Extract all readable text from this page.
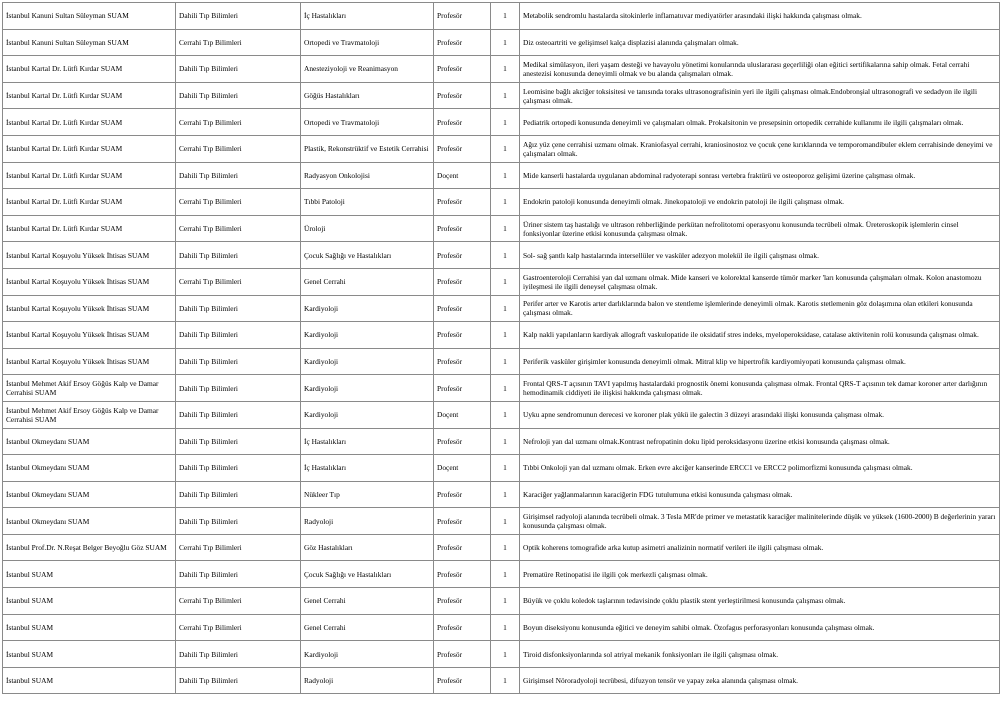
İstanbul Kanuni Sultan Süleyman SUAM	Dahili Tıp Bilimleri	İç Hastalıkları	Profesör	1	Metabolik sendromlu hastalarda sitokinlerle inflamatuvar mediyatörler arasındaki ilişki hakkında çalışması olmak.
İstanbul Kanuni Sultan Süleyman SUAM	Cerrahi Tıp Bilimleri	Ortopedi ve Travmatoloji	Profesör	1	Diz osteoartriti ve gelişimsel kalça displazisi alanında çalışmaları olmak.
İstanbul Kartal Dr. Lütfi Kırdar SUAM	Dahili Tıp Bilimleri	Anesteziyoloji ve Reanimasyon	Profesör	1	Medikal simülasyon, ileri yaşam desteği ve havayolu yönetimi konularında uluslararası geçerliliği olan eğitici sertifikalarına sahip olmak. Fetal cerrahi anestezisi konusunda deneyimli olmak ve bu alanda çalışmaları olmak.
İstanbul Kartal Dr. Lütfi Kırdar SUAM	Dahili Tıp Bilimleri	Göğüs Hastalıkları	Profesör	1	Leomisine bağlı akciğer toksisitesi ve tanısında toraks ultrasonografisinin yeri ile ilgili çalışması olmak.Endobronşial ultrasonografi ve sedadyon ile ilgili çalışması olmak.
İstanbul Kartal Dr. Lütfi Kırdar SUAM	Cerrahi Tıp Bilimleri	Ortopedi ve Travmatoloji	Profesör	1	Pediatrik ortopedi konusunda deneyimli ve çalışmaları olmak. Prokalsitonin ve presepsinin ortopedik cerrahide kullanımı ile ilgili çalışmaları olmak.
İstanbul Kartal Dr. Lütfi Kırdar SUAM	Cerrahi Tıp Bilimleri	Plastik, Rekonstrüktif ve Estetik Cerrahisi	Profesör	1	Ağız yüz çene cerrahisi uzmanı olmak. Kraniofasyal cerrahi, kraniosinostoz ve çocuk çene kırıklarında ve temporomandibuler eklem cerrahisinde deneyimi ve çalışmaları olmak.
İstanbul Kartal Dr. Lütfi Kırdar SUAM	Dahili Tıp Bilimleri	Radyasyon Onkolojisi	Doçent	1	Mide kanserli hastalarda uygulanan abdominal radyoterapi sonrası vertebra fraktürü ve osteoporoz gelişimi üzerine çalışması olmak.
İstanbul Kartal Dr. Lütfi Kırdar SUAM	Cerrahi Tıp Bilimleri	Tıbbi Patoloji	Profesör	1	Endokrin patoloji konusunda deneyimli olmak. Jinekopatoloji ve endokrin patoloji ile ilgili çalışması olmak.
İstanbul Kartal Dr. Lütfi Kırdar SUAM	Cerrahi Tıp Bilimleri	Üroloji	Profesör	1	Üriner sistem taş hastalığı ve ultrason rehberliğinde perkütan nefrolitotomi operasyonu konusunda tecrübeli olmak. Üreteroskopik işlemlerin cinsel fonksiyonlar üzerine etkisi konusunda çalışması olmak.
İstanbul Kartal Koşuyolu Yüksek İhtisas SUAM	Dahili Tıp Bilimleri	Çocuk Sağlığı ve Hastalıkları	Profesör	1	Sol- sağ şantlı kalp hastalarında intersellüler ve vasküler adezyon molekül ile ilgili çalışması olmak.
İstanbul Kartal Koşuyolu Yüksek İhtisas SUAM	Cerrahi Tıp Bilimleri	Genel Cerrahi	Profesör	1	Gastroenteroloji Cerrahisi yan dal uzmanı olmak. Mide kanseri ve kolorektal kanserde tümör marker 'ları konusunda çalışmaları olmak. Kolon anastomozu iyileşmesi ile ilgili deneysel çalışması olmak.
İstanbul Kartal Koşuyolu Yüksek İhtisas SUAM	Dahili Tıp Bilimleri	Kardiyoloji	Profesör	1	Perifer arter ve Karotis arter darlıklarında balon ve stentleme işlemlerinde deneyimli olmak. Karotis stetlemenin göz dolaşımına olan etkileri konusunda çalışması olmak.
İstanbul Kartal Koşuyolu Yüksek İhtisas SUAM	Dahili Tıp Bilimleri	Kardiyoloji	Profesör	1	Kalp nakli yapılanların kardiyak allograft vaskulopatide ile oksidatif stres indeks, myeloperoksidase, catalase aktivitenin rolü konusunda çalışması olmak.
İstanbul Kartal Koşuyolu Yüksek İhtisas SUAM	Dahili Tıp Bilimleri	Kardiyoloji	Profesör	1	Periferik vasküler girişimler konusunda deneyimli olmak. Mitral klip ve hipertrofik kardiyomiyopati konusunda çalışması olmak.
İstanbul Mehmet Akif Ersoy Göğüs Kalp ve Damar Cerrahisi SUAM	Dahili Tıp Bilimleri	Kardiyoloji	Profesör	1	Frontal QRS-T açısının TAVI yapılmış hastalardaki prognostik önemi konusunda çalışması olmak. Frontal QRS-T açısının tek damar koroner arter darlığının hemodinamik ciddiyeti ile ilişkisi hakkında çalışması olmak.
İstanbul Mehmet Akif Ersoy Göğüs Kalp ve Damar Cerrahisi SUAM	Dahili Tıp Bilimleri	Kardiyoloji	Doçent	1	Uyku apne sendromunun derecesi ve koroner plak yükü ile galectin 3 düzeyi arasındaki ilişki konusunda çalışması olmak.
İstanbul Okmeydanı SUAM	Dahili Tıp Bilimleri	İç Hastalıkları	Profesör	1	Nefroloji yan dal uzmanı olmak.Kontrast nefropatinin doku lipid peroksidasyonu üzerine etkisi konusunda çalışması olmak.
İstanbul Okmeydanı SUAM	Dahili Tıp Bilimleri	İç Hastalıkları	Doçent	1	Tıbbi Onkoloji yan dal uzmanı olmak. Erken evre akciğer kanserinde ERCC1 ve ERCC2 polimorfizmi konusunda çalışması olmak.
İstanbul Okmeydanı SUAM	Dahili Tıp Bilimleri	Nükleer Tıp	Profesör	1	Karaciğer yağlanmalarının karaciğerin FDG tutulumuna etkisi konusunda çalışması olmak.
İstanbul Okmeydanı SUAM	Dahili Tıp Bilimleri	Radyoloji	Profesör	1	Girişimsel radyoloji alanında tecrübeli olmak. 3 Tesla MR'de primer ve metastatik karaciğer malinitelerinde düşük ve yüksek (1600-2000) B değerlerinin yararı konusunda çalışması olmak.
İstanbul Prof.Dr. N.Reşat Belger Beyoğlu Göz SUAM	Cerrahi Tıp Bilimleri	Göz Hastalıkları	Profesör	1	Optik koherens tomografide arka kutup asimetri analizinin normatif verileri ile ilgili çalışması olmak.
İstanbul SUAM	Dahili Tıp Bilimleri	Çocuk Sağlığı ve Hastalıkları	Profesör	1	Prematüre Retinopatisi ile ilgili çok merkezli çalışması olmak.
İstanbul SUAM	Cerrahi Tıp Bilimleri	Genel Cerrahi	Profesör	1	Büyük ve çoklu koledok taşlarının tedavisinde çoklu plastik stent yerleştirilmesi konusunda çalışması olmak.
İstanbul SUAM	Cerrahi Tıp Bilimleri	Genel Cerrahi	Profesör	1	Boyun diseksiyonu konusunda eğitici ve deneyim sahibi olmak. Özofagus perforasyonları konusunda çalışması olmak.
İstanbul SUAM	Dahili Tıp Bilimleri	Kardiyoloji	Profesör	1	Tiroid disfonksiyonlarında sol atriyal mekanik fonksiyonları ile ilgili çalışması olmak.
İstanbul SUAM	Dahili Tıp Bilimleri	Radyoloji	Profesör	1	Girişimsel Nöroradyoloji tecrübesi, difuzyon tensör ve yapay zeka alanında çalışması olmak.
